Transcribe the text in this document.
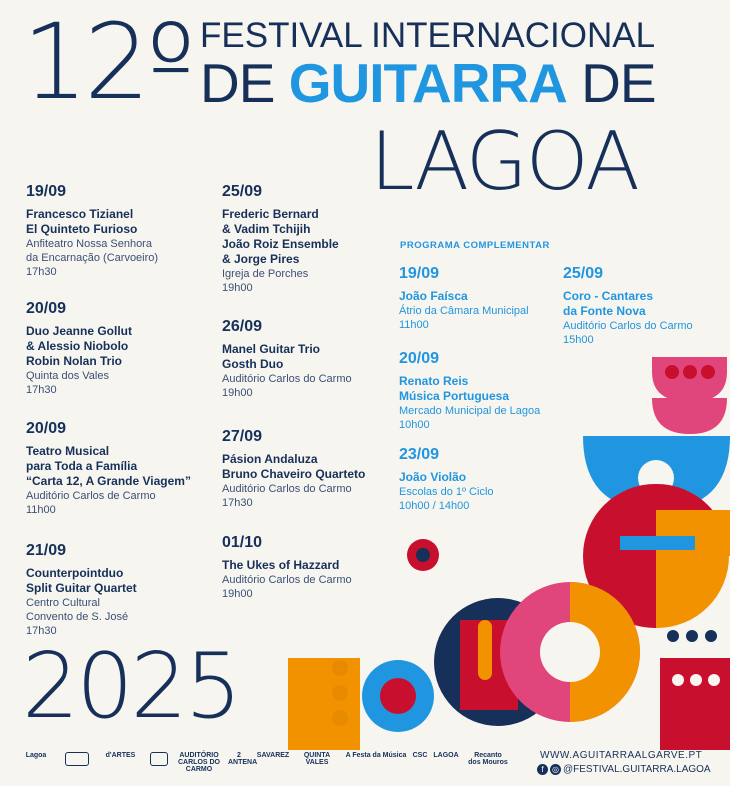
12º FESTIVAL INTERNACIONAL
DE GUITARRA DE
LAGOA
19/09
Francesco Tizianel
El Quinteto Furioso
Anfiteatro Nossa Senhora
da Encarnação (Carvoeiro)
17h30
20/09
Duo Jeanne Gollut
& Alessio Niobolo
Robin Nolan Trio
Quinta dos Vales
17h30
20/09
Teatro Musical
para Toda a Família
“Carta 12, A Grande Viagem”
Auditório Carlos de Carmo
11h00
21/09
Counterpointduo
Split Guitar Quartet
Centro Cultural
Convento de S. José
17h30
25/09
Frederic Bernard
& Vadim Tchijih
João Roiz Ensemble
& Jorge Pires
Igreja de Porches
19h00
26/09
Manel Guitar Trio
Gosth Duo
Auditório Carlos do Carmo
19h00
27/09
Pásion Andaluza
Bruno Chaveiro Quarteto
Auditório Carlos do Carmo
17h30
01/10
The Ukes of Hazzard
Auditório Carlos de Carmo
19h00
PROGRAMA COMPLEMENTAR
19/09
João Faísca
Átrio da Câmara Municipal
11h00
20/09
Renato Reis
Música Portuguesa
Mercado Municipal de Lagoa
10h00
23/09
João Violão
Escolas do 1º Ciclo
10h00 / 14h00
25/09
Coro - Cantares
da Fonte Nova
Auditório Carlos do Carmo
15h00
2025
Lagoa	d'ARTES	AUDITÓRIO CARLOS DO CARMO
2 ANTENA
SAVAREZ	QUINTA VALES
A Festa da Música CSC LAGOA	Recanto dos Mouros
WWW.AGUITARRAALGARVE.PT
f ◎ @FESTIVAL.GUITARRA.LAGOA
